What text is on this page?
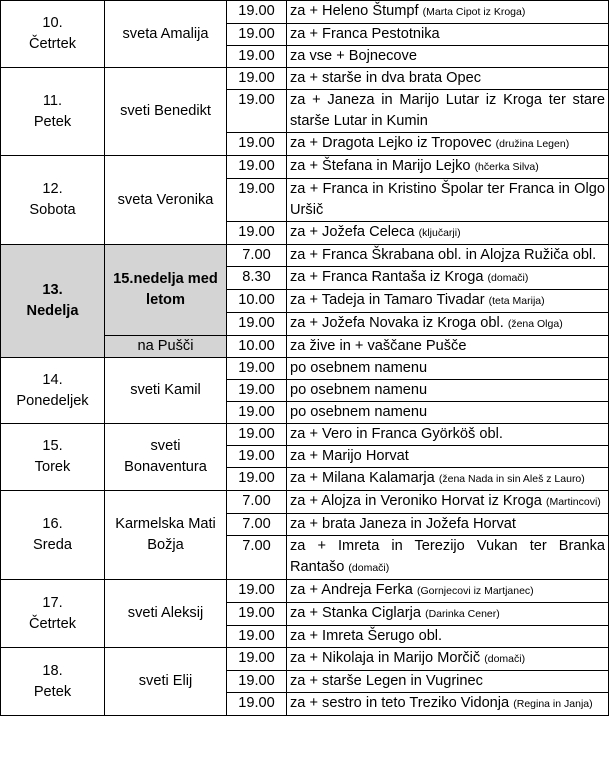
10.
Četrtek	sveta Amalija	19.00	za + Heleno Štumpf (Marta Cipot iz Kroga)
		19.00	za + Franca Pestotnika
		19.00	za vse + Bojnecove

11.
Petek	sveti Benedikt	19.00	za + starše in dva brata Opec
		19.00	za + Janeza in Marijo Lutar iz Kroga ter stare starše Lutar in Kumin
		19.00	za + Dragota Lejko iz Tropovec (družina Legen)

12.
Sobota	sveta Veronika	19.00	za + Štefana in Marijo Lejko (hčerka Silva)
		19.00	za + Franca in Kristino Špolar ter Franca in Olgo Uršič
		19.00	za + Jožefa Celeca (ključarji)

13.
Nedelja	15.nedelja med letom	7.00	za + Franca Škrabana obl. in Alojza Ružiča obl.
		8.30	za + Franca Rantaša iz Kroga (domači)
		10.00	za + Tadeja in Tamaro Tivadar (teta Marija)
		19.00	za + Jožefa Novaka iz Kroga obl. (žena Olga)
	na Pušči	10.00	za žive in + vaščane Pušče

14.
Ponedeljek	sveti Kamil	19.00	po osebnem namenu
		19.00	po osebnem namenu
		19.00	po osebnem namenu

15.
Torek	sveti Bonaventura	19.00	za + Vero in Franca Györköš obl.
		19.00	za + Marijo Horvat
		19.00	za + Milana Kalamarja (žena Nada in sin Aleš z Lauro)

16.
Sreda	Karmelska Mati Božja	7.00	za + Alojza in Veroniko Horvat iz Kroga (Martincovi)
		7.00	za + brata Janeza in Jožefa Horvat
		7.00	za + Imreta in Terezijo Vukan ter Branka Rantašo (domači)

17.
Četrtek	sveti Aleksij	19.00	za + Andreja Ferka (Gornjecovi iz Martjanec)
		19.00	za + Stanka Ciglarja (Darinka Cener)
		19.00	za + Imreta Šerugo obl.

18.
Petek	sveti Elij	19.00	za + Nikolaja in Marijo Morčič (domači)
		19.00	za + starše Legen in Vugrinec
		19.00	za + sestro in teto Treziko Vidonja (Regina in Janja)
